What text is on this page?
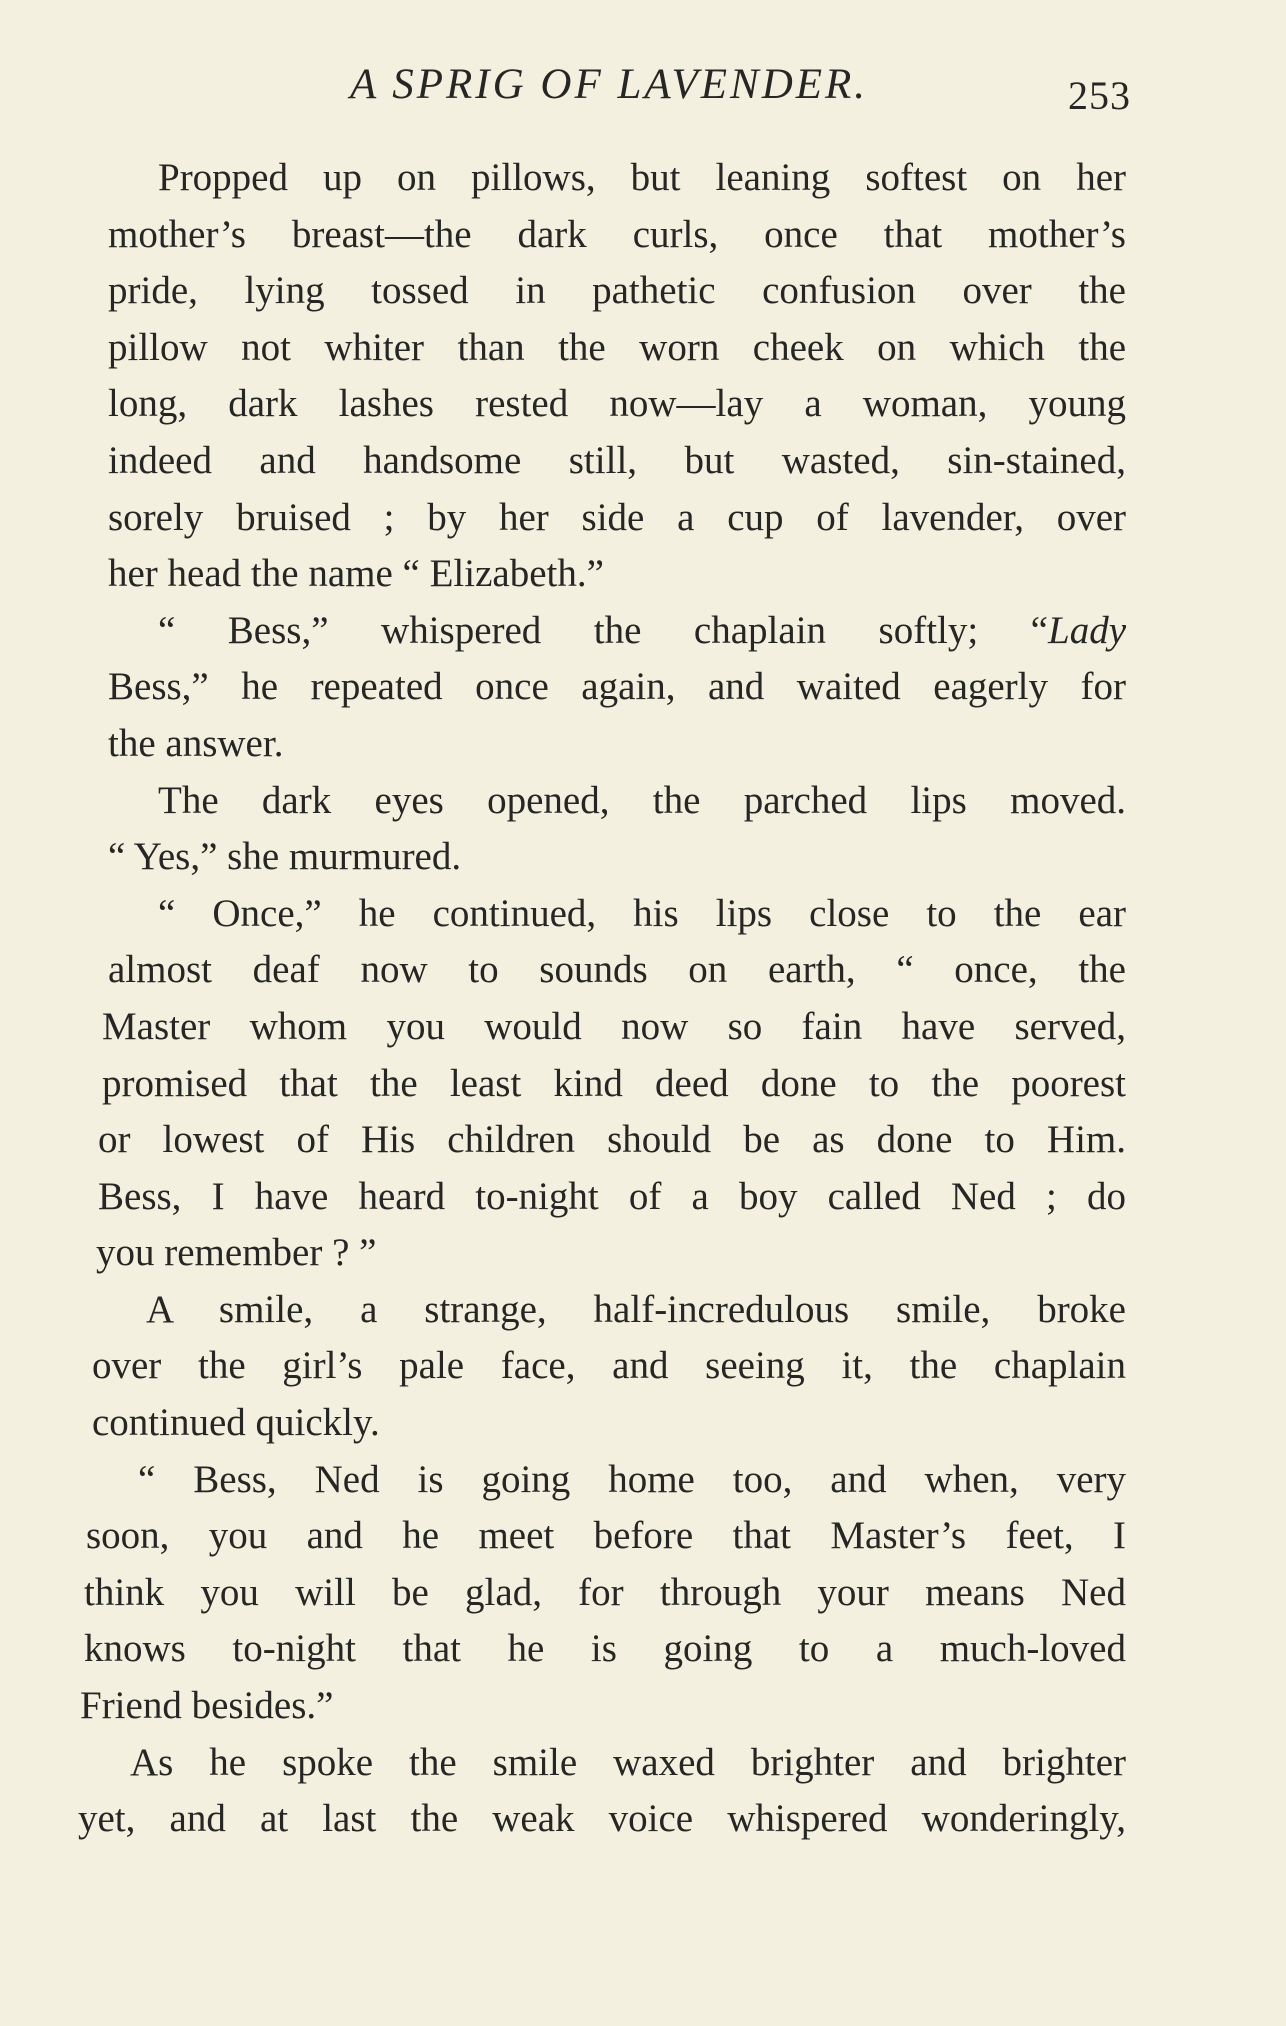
A SPRIG OF LAVENDER.	253
Propped up on pillows, but leaning softest on her
mother’s breast—the dark curls, once that mother’s
pride, lying tossed in pathetic confusion over the
pillow not whiter than the worn cheek on which the
long, dark lashes rested now—lay a woman, young
indeed and handsome still, but wasted, sin-stained,
sorely bruised ; by her side a cup of lavender, over
her head the name “ Elizabeth.”
“ Bess,” whispered the chaplain softly; “Lady
Bess,” he repeated once again, and waited eagerly for
the answer.
The dark eyes opened, the parched lips moved.
“ Yes,” she murmured.
“ Once,” he continued, his lips close to the ear
almost deaf now to sounds on earth, “ once, the
Master whom you would now so fain have served,
promised that the least kind deed done to the poorest
or lowest of His children should be as done to Him.
Bess, I have heard to-night of a boy called Ned ; do
you remember ? ”
A smile, a strange, half-incredulous smile, broke
over the girl’s pale face, and seeing it, the chaplain
continued quickly.
“ Bess, Ned is going home too, and when, very
soon, you and he meet before that Master’s feet, I
think you will be glad, for through your means Ned
knows to-night that he is going to a much-loved
Friend besides.”
As he spoke the smile waxed brighter and brighter
yet, and at last the weak voice whispered wonderingly,
